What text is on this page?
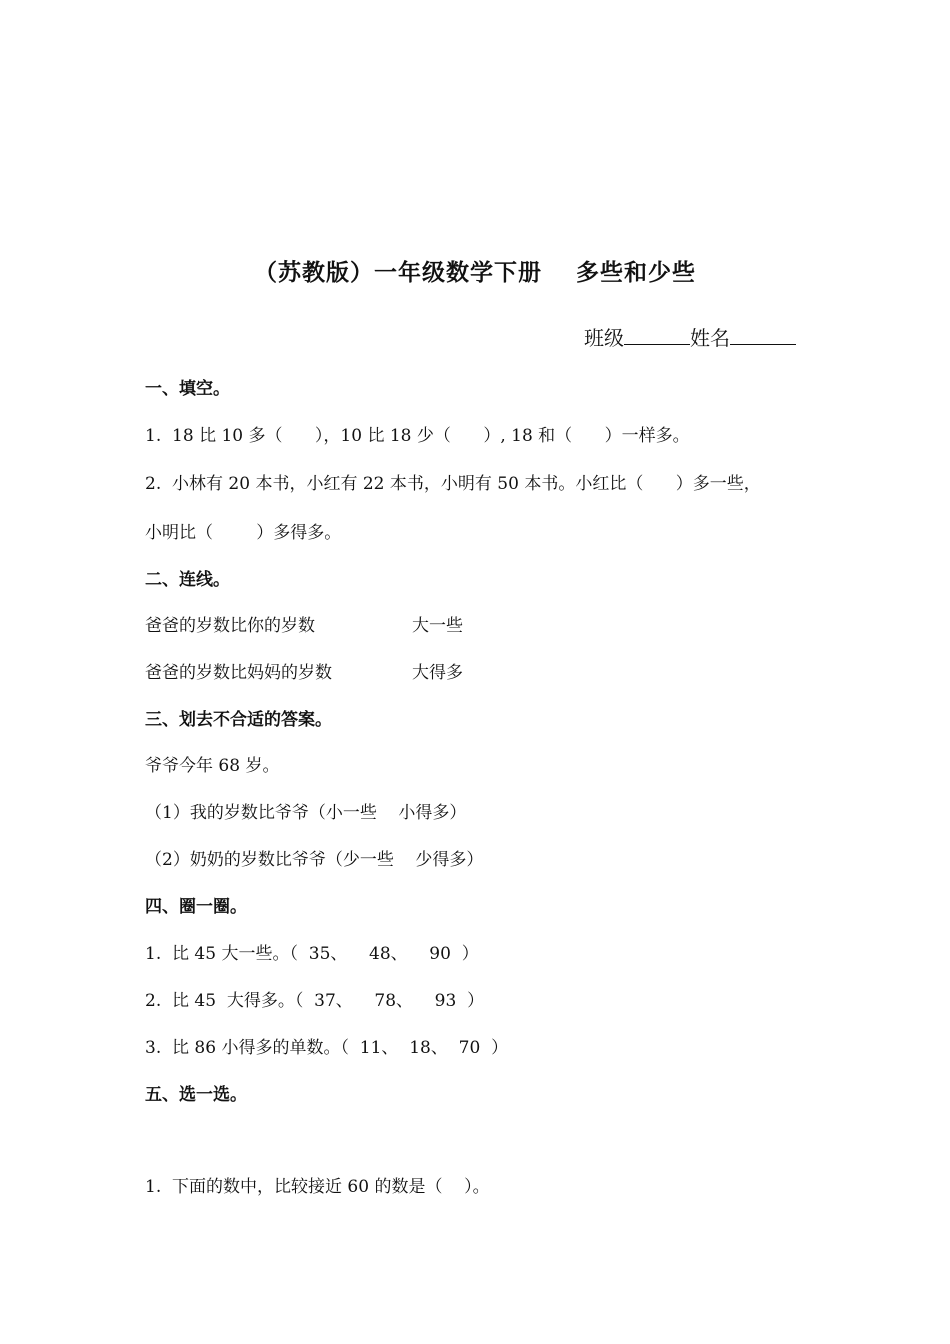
（苏教版）一年级数学下册 多些和少些
班级	姓名
一、填空。
1.  18 比 10 多（      ），10 比 18 少（      ）, 18 和（      ）一样多。
2.  小林有 20 本书，小红有 22 本书，小明有 50 本书。小红比（      ）多一些，
小明比（        ）多得多。
二、连线。
爸爸的岁数比你的岁数	大一些
爸爸的岁数比妈妈的岁数	大得多
三、划去不合适的答案。
爷爷今年 68 岁。
（1）我的岁数比爷爷（小一些    小得多）
（2）奶奶的岁数比爷爷（少一些    少得多）
四、圈一圈。
1.  比 45 大一些。（  35、    48、    90  ）
2.  比 45  大得多。（  37、    78、    93  ）
3.  比 86 小得多的单数。（  11、  18、  70  ）
五、选一选。
1.  下面的数中，比较接近 60 的数是（    ）。
